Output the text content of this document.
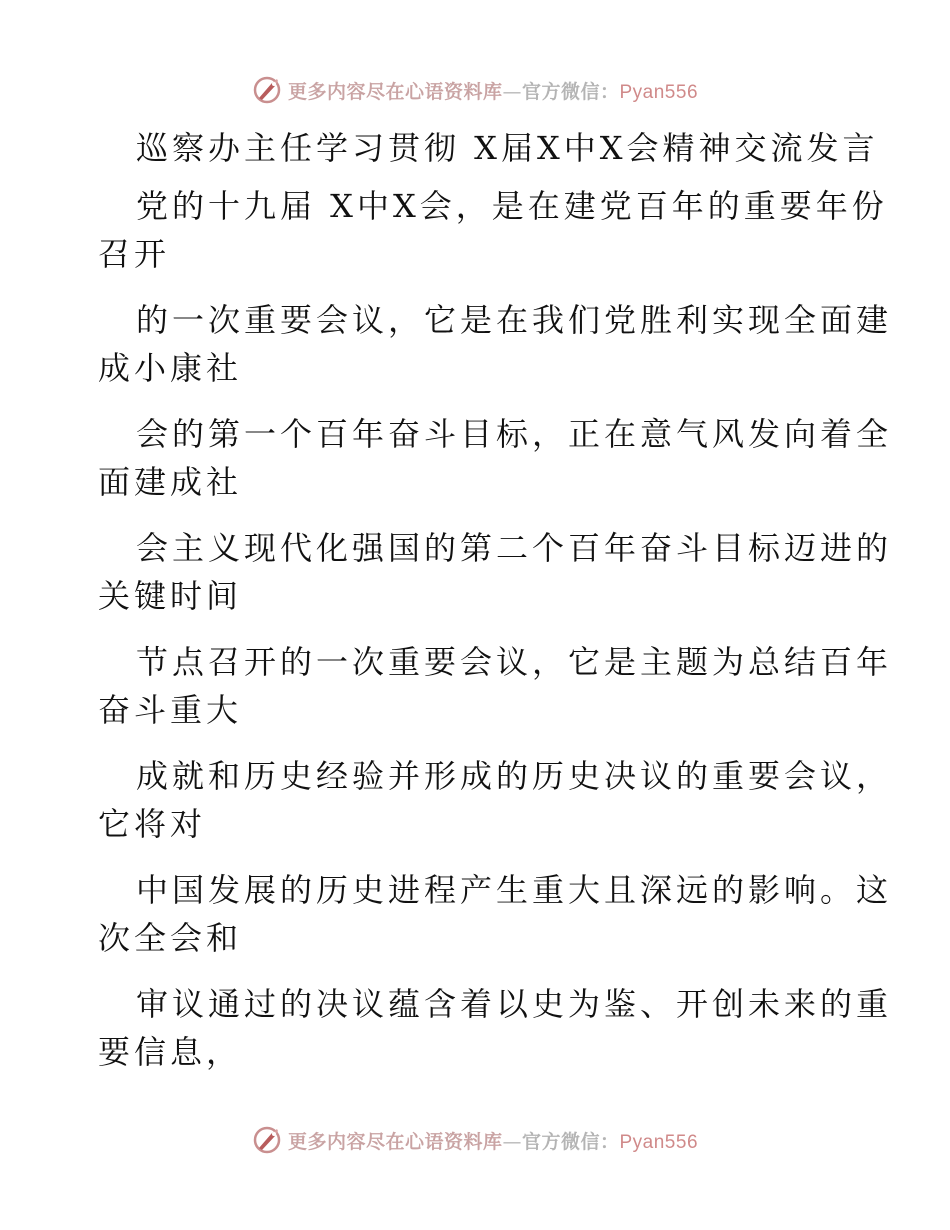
更多内容尽在心语资料库—官方微信：Pyan556

巡察办主任学习贯彻 X届X中X会精神交流发言

党的十九届 X中X会，是在建党百年的重要年份

召开

的一次重要会议，它是在我们党胜利实现全面建

成小康社

会的第一个百年奋斗目标，正在意气风发向着全

面建成社

会主义现代化强国的第二个百年奋斗目标迈进的

关键时间

节点召开的一次重要会议，它是主题为总结百年

奋斗重大

成就和历史经验并形成的历史决议的重要会议，

它将对

中国发展的历史进程产生重大且深远的影响。这

次全会和

审议通过的决议蕴含着以史为鉴、开创未来的重

要信息，

更多内容尽在心语资料库—官方微信：Pyan556
